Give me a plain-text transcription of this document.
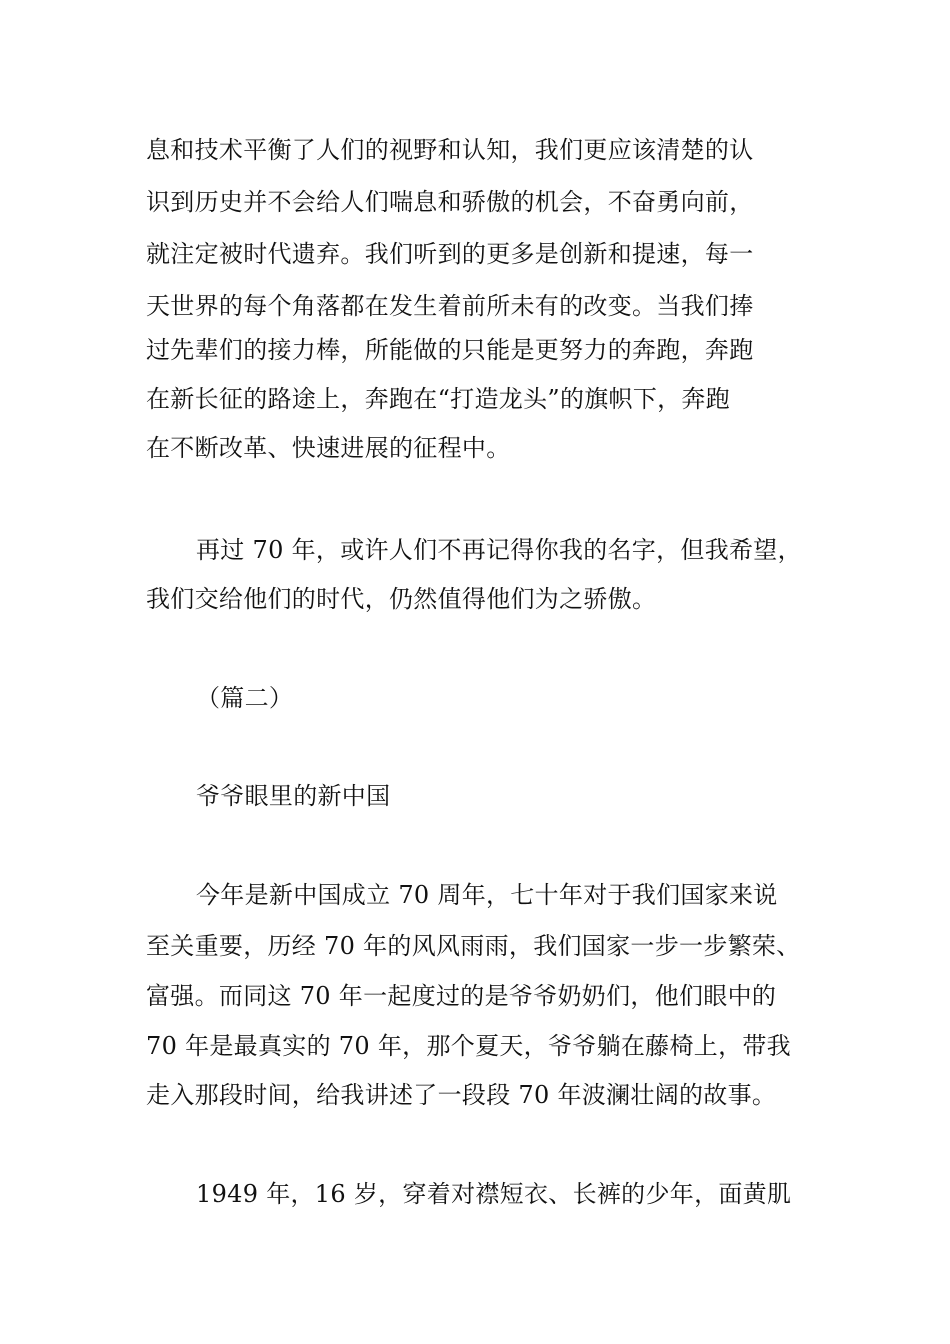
息和技术平衡了人们的视野和认知，我们更应该清楚的认
识到历史并不会给人们喘息和骄傲的机会，不奋勇向前，
就注定被时代遗弃。我们听到的更多是创新和提速，每一
天世界的每个角落都在发生着前所未有的改变。当我们捧
过先辈们的接力棒，所能做的只能是更努力的奔跑，奔跑
在新长征的路途上，奔跑在“打造龙头”的旗帜下，奔跑
在不断改革、快速进展的征程中。
再过 70 年，或许人们不再记得你我的名字，但我希望，
我们交给他们的时代，仍然值得他们为之骄傲。
（篇二）
爷爷眼里的新中国
今年是新中国成立 70 周年，七十年对于我们国家来说
至关重要，历经 70 年的风风雨雨，我们国家一步一步繁荣、
富强。而同这 70 年一起度过的是爷爷奶奶们，他们眼中的
70 年是最真实的 70 年，那个夏天，爷爷躺在藤椅上，带我
走入那段时间，给我讲述了一段段 70 年波澜壮阔的故事。
1949 年，16 岁，穿着对襟短衣、长裤的少年，面黄肌
